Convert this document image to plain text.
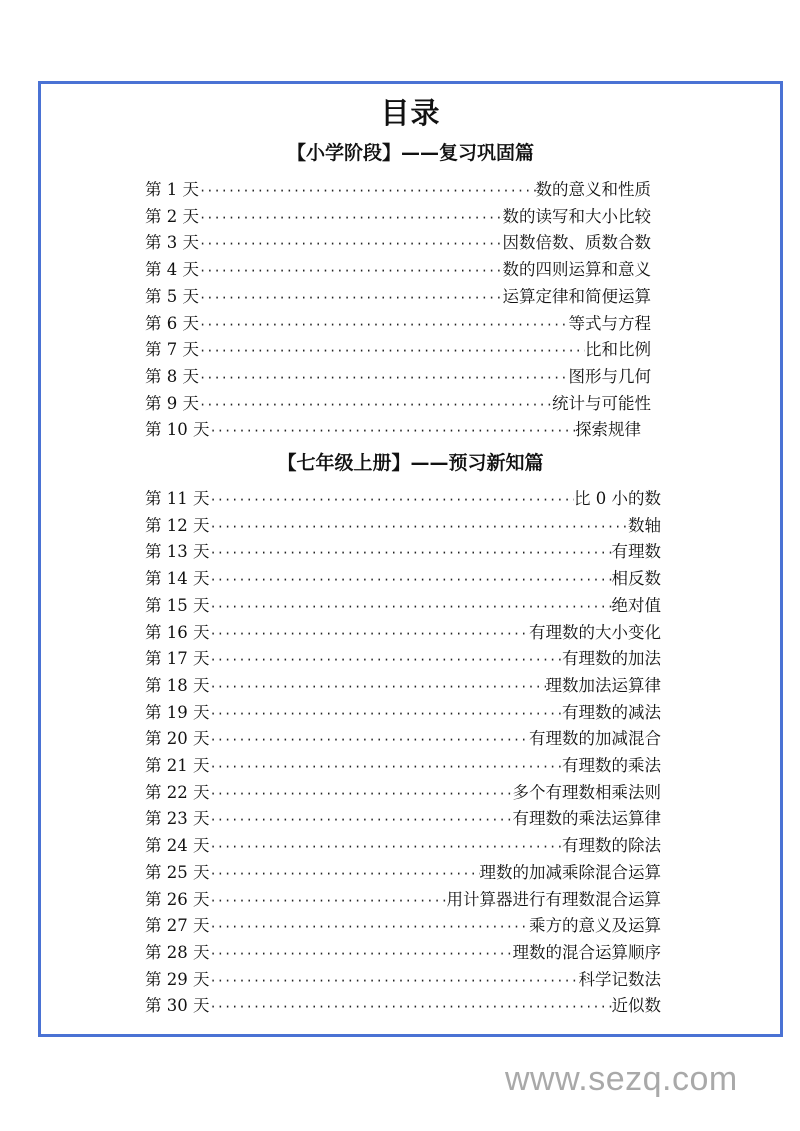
目录
【小学阶段】——复习巩固篇
第 1 天 ·····	数的意义和性质
第 2 天 ·····	数的读写和大小比较
第 3 天 ·····	因数倍数、质数合数
第 4 天 ·····	数的四则运算和意义
第 5 天 ·····	运算定律和简便运算
第 6 天 ·····	等式与方程
第 7 天 ·····	比和比例
第 8 天 ·····	图形与几何
第 9 天 ·····	统计与可能性
第 10 天 ·····	探索规律
【七年级上册】——预习新知篇
第 11 天 ·····	比 0 小的数
第 12 天 ·····	数轴
第 13 天 ·····	有理数
第 14 天 ·····	相反数
第 15 天 ·····	绝对值
第 16 天 ·····	有理数的大小变化
第 17 天 ·····	有理数的加法
第 18 天 ·····	理数加法运算律
第 19 天 ·····	有理数的减法
第 20 天 ·····	有理数的加减混合
第 21 天 ·····	有理数的乘法
第 22 天 ·····	多个有理数相乘法则
第 23 天 ·····	有理数的乘法运算律
第 24 天 ·····	有理数的除法
第 25 天 ·····	理数的加减乘除混合运算
第 26 天 ·····	用计算器进行有理数混合运算
第 27 天 ·····	乘方的意义及运算
第 28 天 ·····	理数的混合运算顺序
第 29 天 ·····	科学记数法
第 30 天 ·····	近似数
www.sezq.com
